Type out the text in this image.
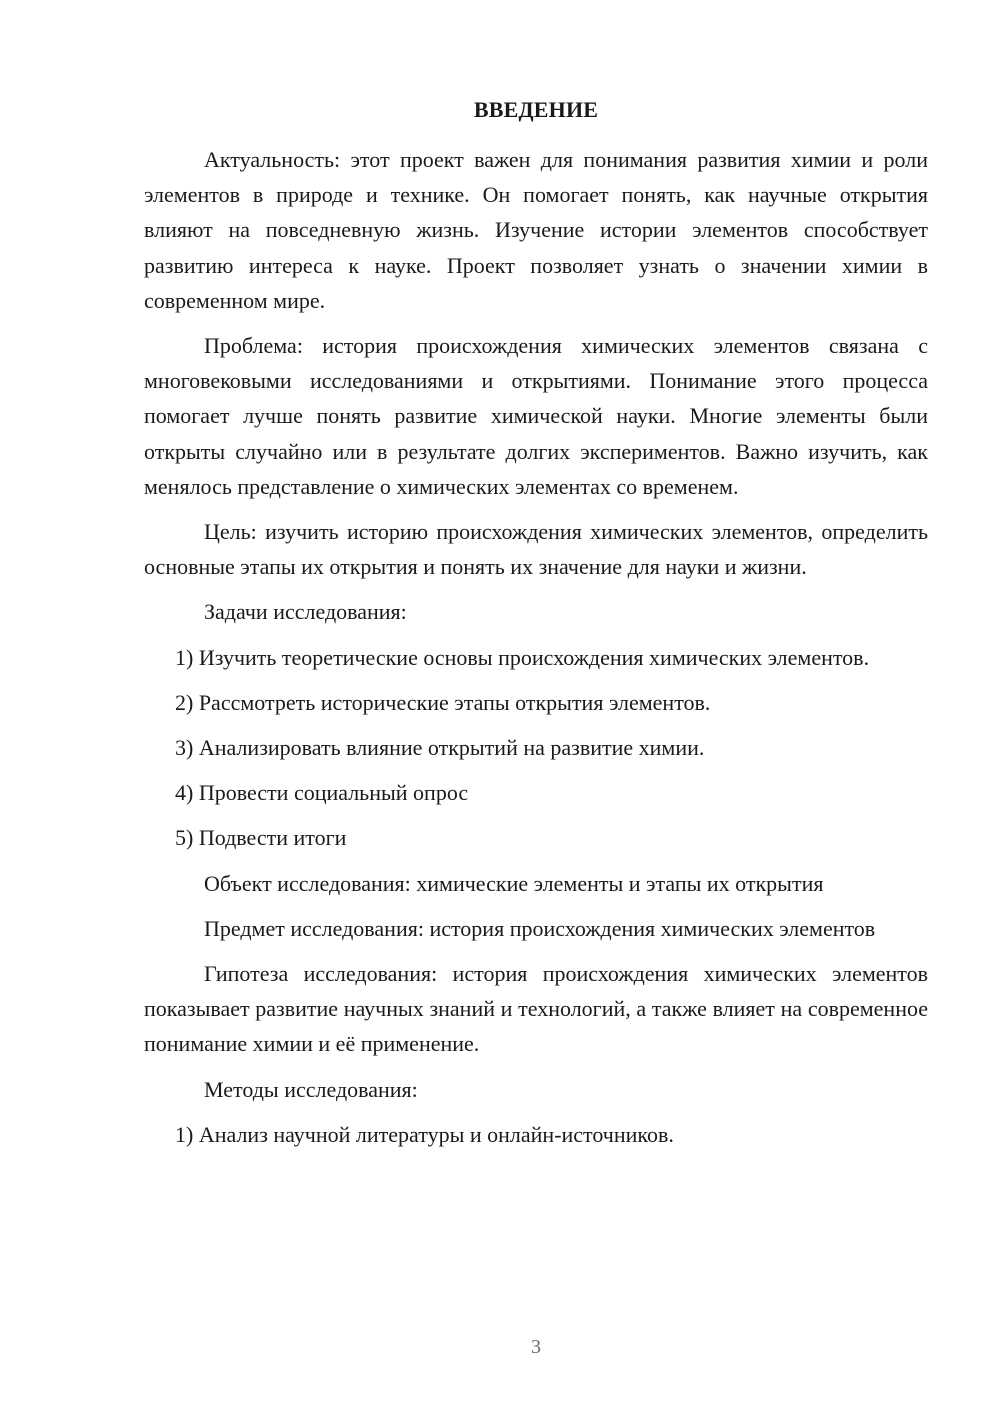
ВВЕДЕНИЕ

Актуальность: этот проект важен для понимания развития химии и роли элементов в природе и технике. Он помогает понять, как научные открытия влияют на повседневную жизнь. Изучение истории элементов способствует развитию интереса к науке. Проект позволяет узнать о значении химии в современном мире.

Проблема: история происхождения химических элементов связана с многовековыми исследованиями и открытиями. Понимание этого процесса помогает лучше понять развитие химической науки. Многие элементы были открыты случайно или в результате долгих экспериментов. Важно изучить, как менялось представление о химических элементах со временем.

Цель: изучить историю происхождения химических элементов, определить основные этапы их открытия и понять их значение для науки и жизни.

Задачи исследования:

1) Изучить теоретические основы происхождения химических элементов.

2) Рассмотреть исторические этапы открытия элементов.

3) Анализировать влияние открытий на развитие химии.

4) Провести социальный опрос

5) Подвести итоги

Объект исследования: химические элементы и этапы их открытия

Предмет исследования: история происхождения химических элементов

Гипотеза исследования: история происхождения химических элементов показывает развитие научных знаний и технологий, а также влияет на современное понимание химии и её применение.

Методы исследования:

1) Анализ научной литературы и онлайн-источников.

3
